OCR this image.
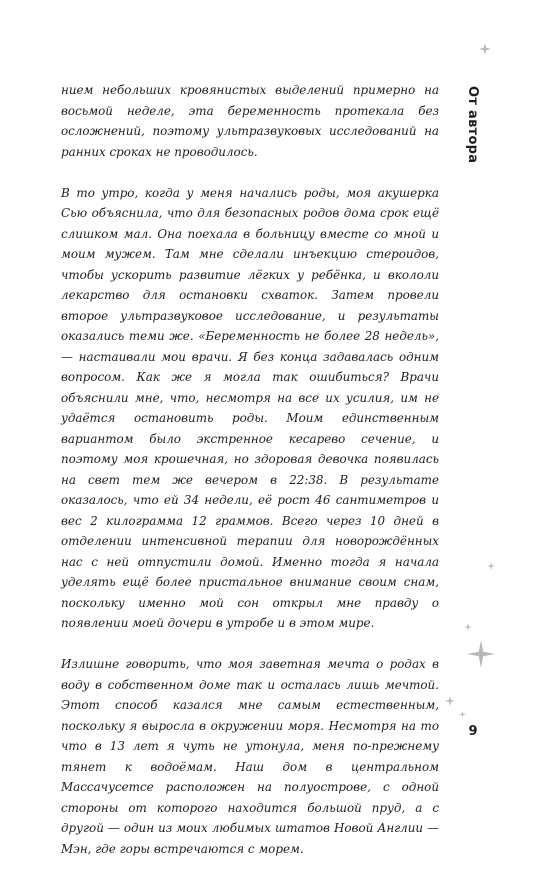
От автора

нием небольших кровянистых выделений примерно на восьмой неделе, эта беременность протекала без осложнений, поэтому ультразвуковых исследований на ранних сроках не проводилось.

В то утро, когда у меня начались роды, моя акушерка Сью объяснила, что для безопасных родов дома срок ещё слишком мал. Она поехала в больницу вместе со мной и моим мужем. Там мне сделали инъекцию стероидов, чтобы ускорить развитие лёгких у ребёнка, и вкололи лекарство для остановки схваток. Затем провели второе ультразвуковое исследование, и результаты оказались теми же. «Беременность не более 28 недель», — настаивали мои врачи. Я без конца задавалась одним вопросом. Как же я могла так ошибиться? Врачи объяснили мне, что, несмотря на все их усилия, им не удаётся остановить роды. Моим единственным вариантом было экстренное кесарево сечение, и поэтому моя крошечная, но здоровая девочка появилась на свет тем же вечером в 22:38. В результате оказалось, что ей 34 недели, её рост 46 сантиметров и вес 2 килограмма 12 граммов. Всего через 10 дней в отделении интенсивной терапии для новорождённых нас с ней отпустили домой. Именно тогда я начала уделять ещё более пристальное внимание своим снам, поскольку именно мой сон открыл мне правду о появлении моей дочери в утробе и в этом мире.

Излишне говорить, что моя заветная мечта о родах в воду в собственном доме так и осталась лишь мечтой. Этот способ казался мне самым естественным, поскольку я выросла в окружении моря. Несмотря на то что в 13 лет я чуть не утонула, меня по-прежнему тянет к водоёмам. Наш дом в центральном Массачусетсе расположен на полуострове, с одной стороны от которого находится большой пруд, а с другой — один из моих любимых штатов Новой Англии — Мэн, где горы встречаются с морем.

9
